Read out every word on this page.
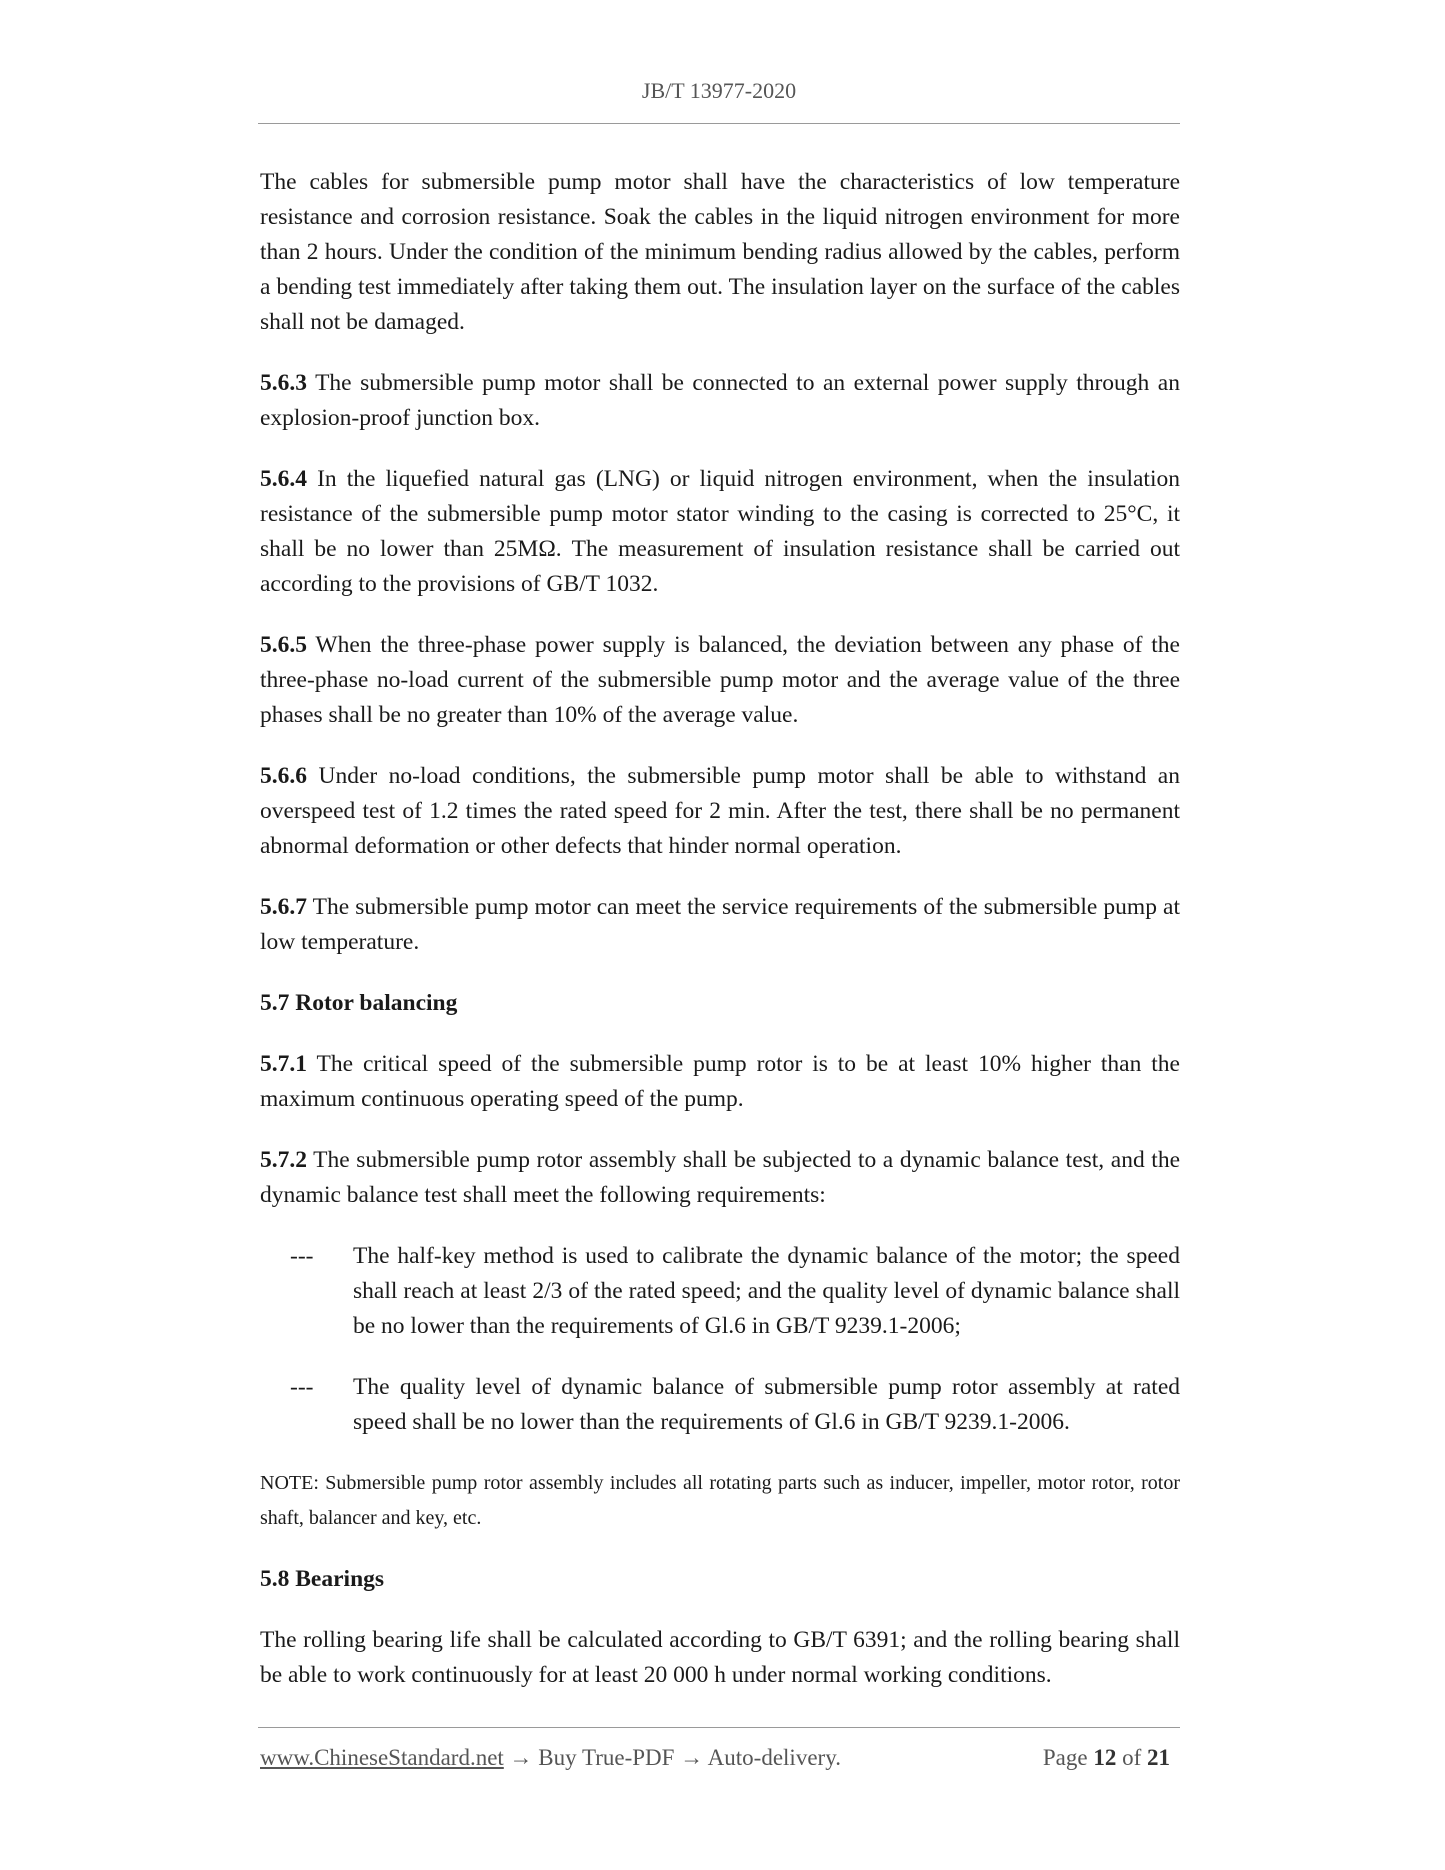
JB/T 13977-2020

The cables for submersible pump motor shall have the characteristics of low temperature resistance and corrosion resistance. Soak the cables in the liquid nitrogen environment for more than 2 hours. Under the condition of the minimum bending radius allowed by the cables, perform a bending test immediately after taking them out. The insulation layer on the surface of the cables shall not be damaged.

5.6.3 The submersible pump motor shall be connected to an external power supply through an explosion-proof junction box.

5.6.4 In the liquefied natural gas (LNG) or liquid nitrogen environment, when the insulation resistance of the submersible pump motor stator winding to the casing is corrected to 25°C, it shall be no lower than 25MΩ. The measurement of insulation resistance shall be carried out according to the provisions of GB/T 1032.

5.6.5 When the three-phase power supply is balanced, the deviation between any phase of the three-phase no-load current of the submersible pump motor and the average value of the three phases shall be no greater than 10% of the average value.

5.6.6 Under no-load conditions, the submersible pump motor shall be able to withstand an overspeed test of 1.2 times the rated speed for 2 min. After the test, there shall be no permanent abnormal deformation or other defects that hinder normal operation.

5.6.7 The submersible pump motor can meet the service requirements of the submersible pump at low temperature.

5.7 Rotor balancing

5.7.1 The critical speed of the submersible pump rotor is to be at least 10% higher than the maximum continuous operating speed of the pump.

5.7.2 The submersible pump rotor assembly shall be subjected to a dynamic balance test, and the dynamic balance test shall meet the following requirements:

--- The half-key method is used to calibrate the dynamic balance of the motor; the speed shall reach at least 2/3 of the rated speed; and the quality level of dynamic balance shall be no lower than the requirements of Gl.6 in GB/T 9239.1-2006;

--- The quality level of dynamic balance of submersible pump rotor assembly at rated speed shall be no lower than the requirements of Gl.6 in GB/T 9239.1-2006.

NOTE: Submersible pump rotor assembly includes all rotating parts such as inducer, impeller, motor rotor, rotor shaft, balancer and key, etc.

5.8 Bearings

The rolling bearing life shall be calculated according to GB/T 6391; and the rolling bearing shall be able to work continuously for at least 20 000 h under normal working conditions.

www.ChineseStandard.net → Buy True-PDF → Auto-delivery.	Page 12 of 21
